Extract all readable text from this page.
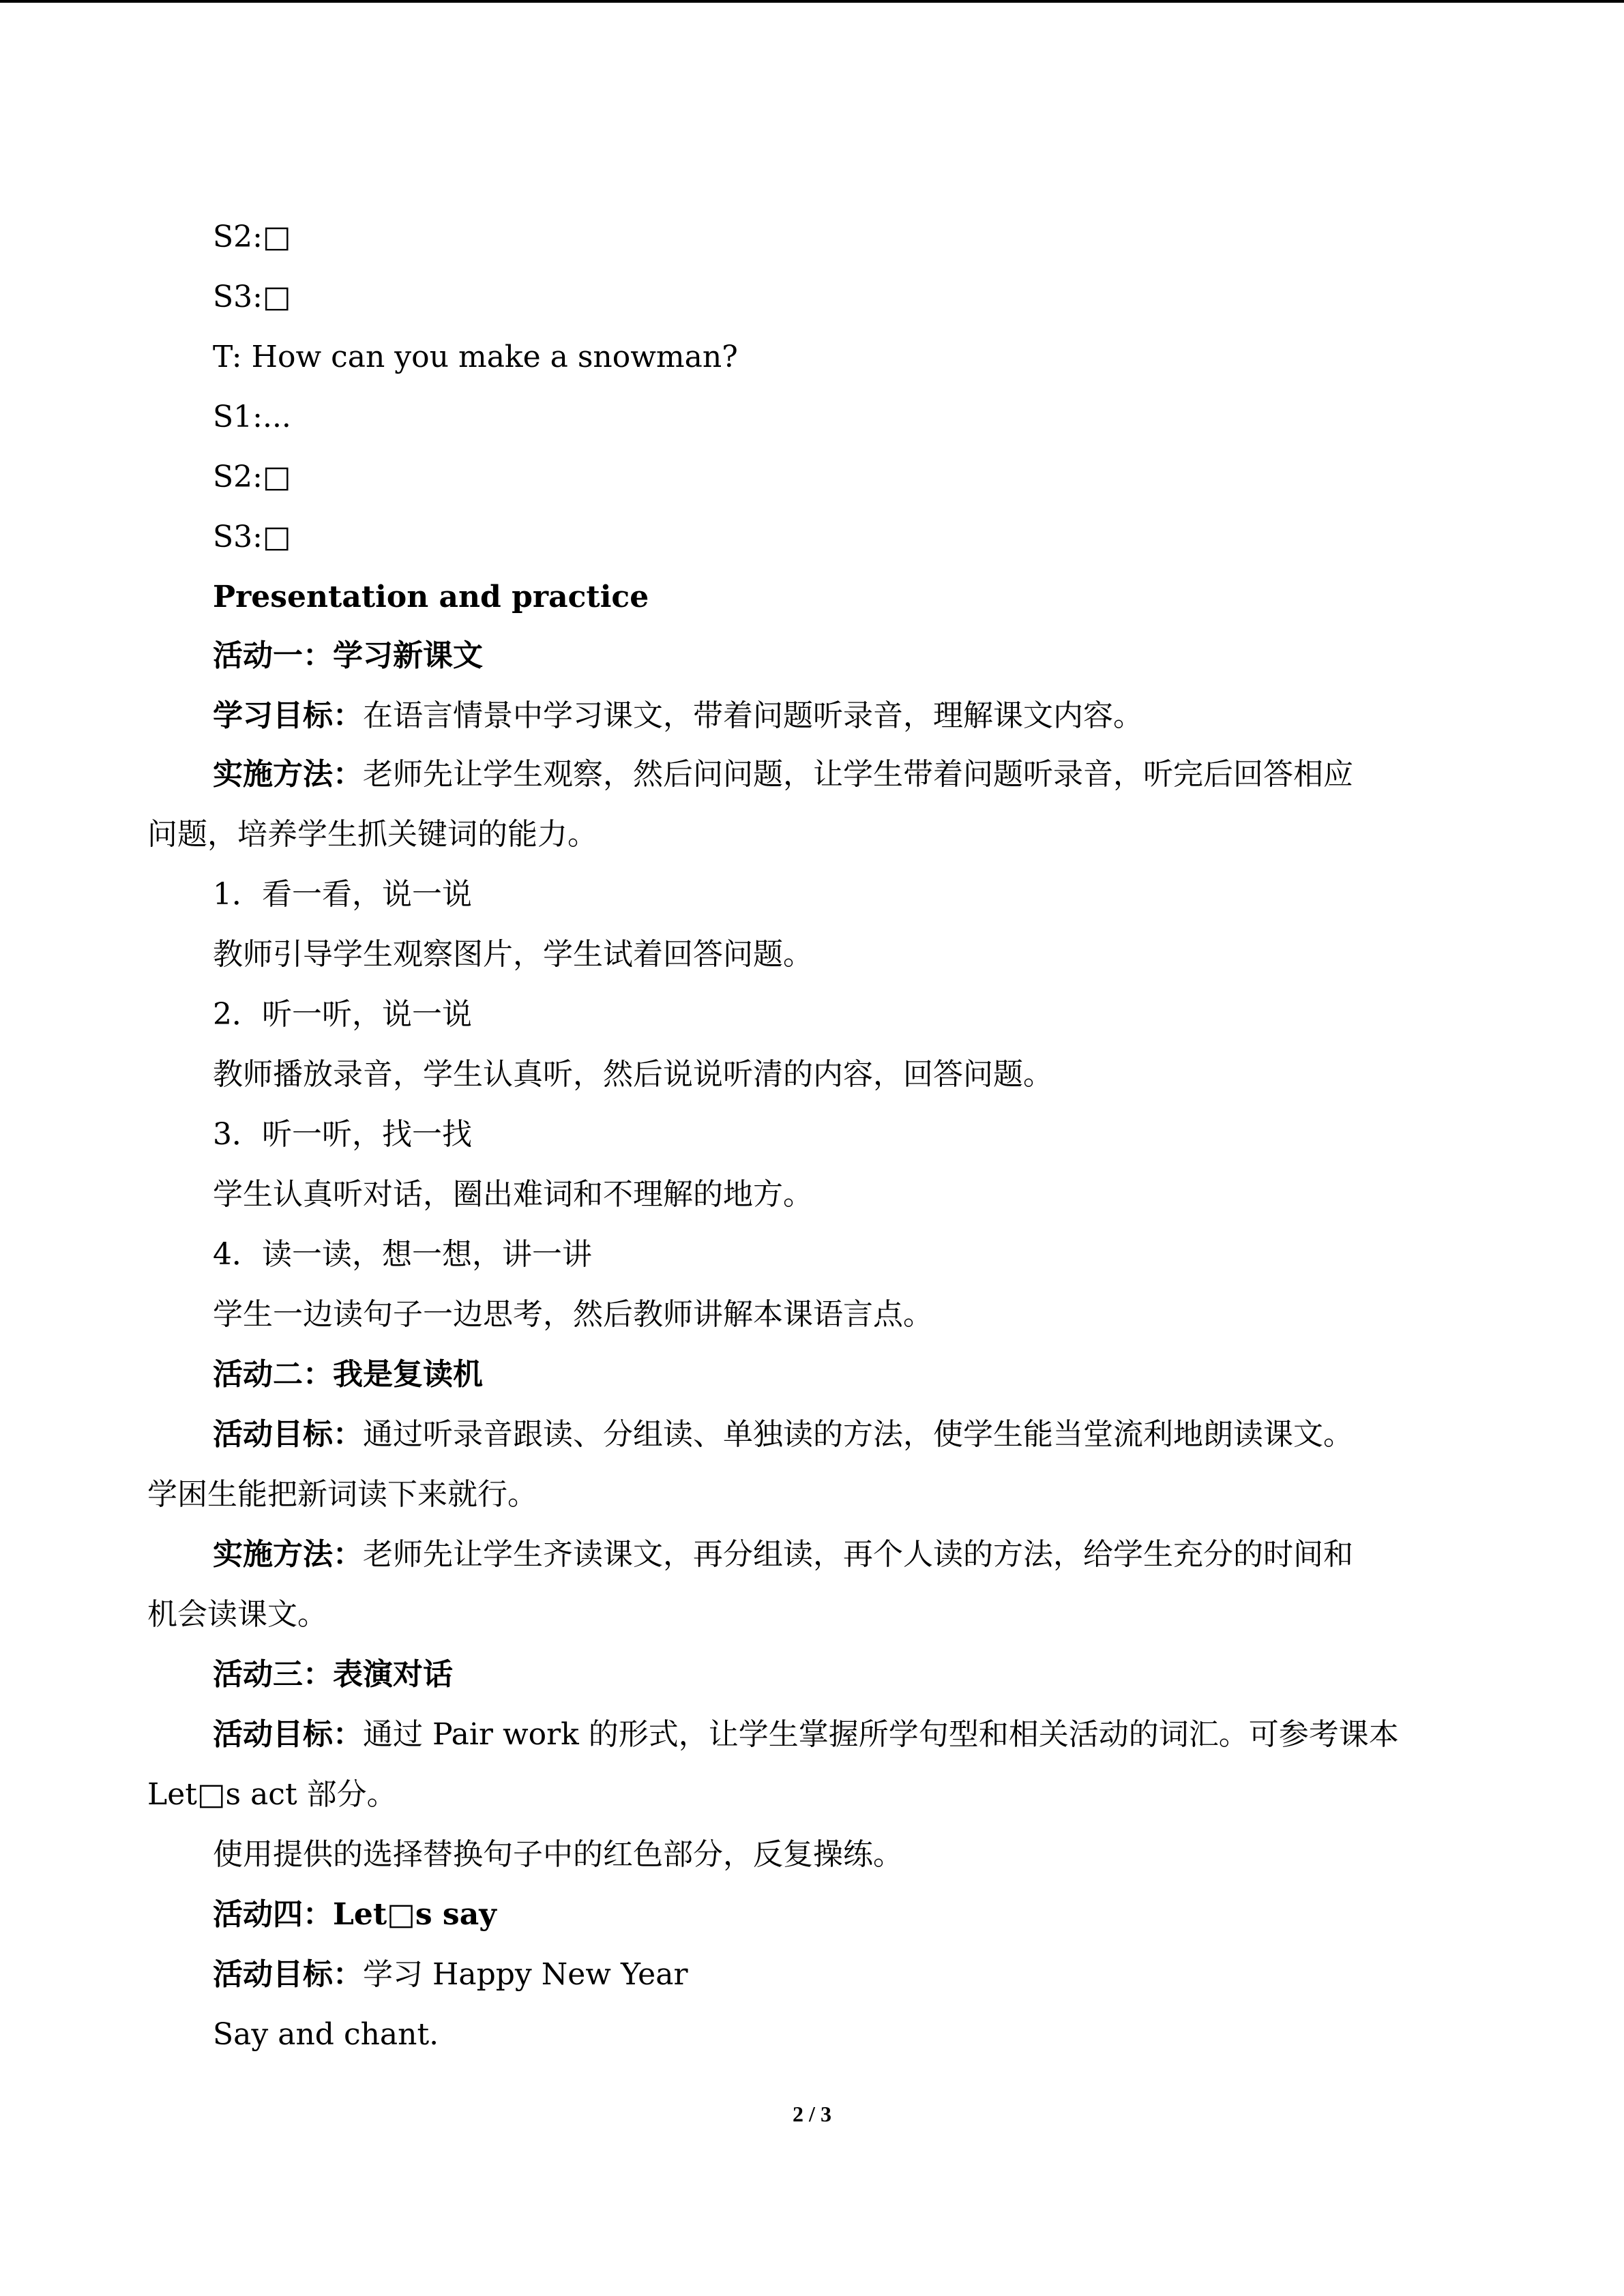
S2:□
S3:□
T: How can you make a snowman?
S1:...
S2:□
S3:□
Presentation and practice
活动一：学习新课文
学习目标：在语言情景中学习课文，带着问题听录音，理解课文内容。
实施方法：老师先让学生观察，然后问问题，让学生带着问题听录音，听完后回答相应
问题，培养学生抓关键词的能力。
1．看一看，说一说
教师引导学生观察图片，学生试着回答问题。
2．听一听，说一说
教师播放录音，学生认真听，然后说说听清的内容，回答问题。
3．听一听，找一找
学生认真听对话，圈出难词和不理解的地方。
4．读一读，想一想，讲一讲
学生一边读句子一边思考，然后教师讲解本课语言点。
活动二：我是复读机
活动目标：通过听录音跟读、分组读、单独读的方法，使学生能当堂流利地朗读课文。
学困生能把新词读下来就行。
实施方法：老师先让学生齐读课文，再分组读，再个人读的方法，给学生充分的时间和
机会读课文。
活动三：表演对话
活动目标：通过 Pair work 的形式，让学生掌握所学句型和相关活动的词汇。可参考课本
Let□s act 部分。
使用提供的选择替换句子中的红色部分，反复操练。
活动四：Let□s say
活动目标：学习 Happy New Year
Say and chant.
2 / 3
